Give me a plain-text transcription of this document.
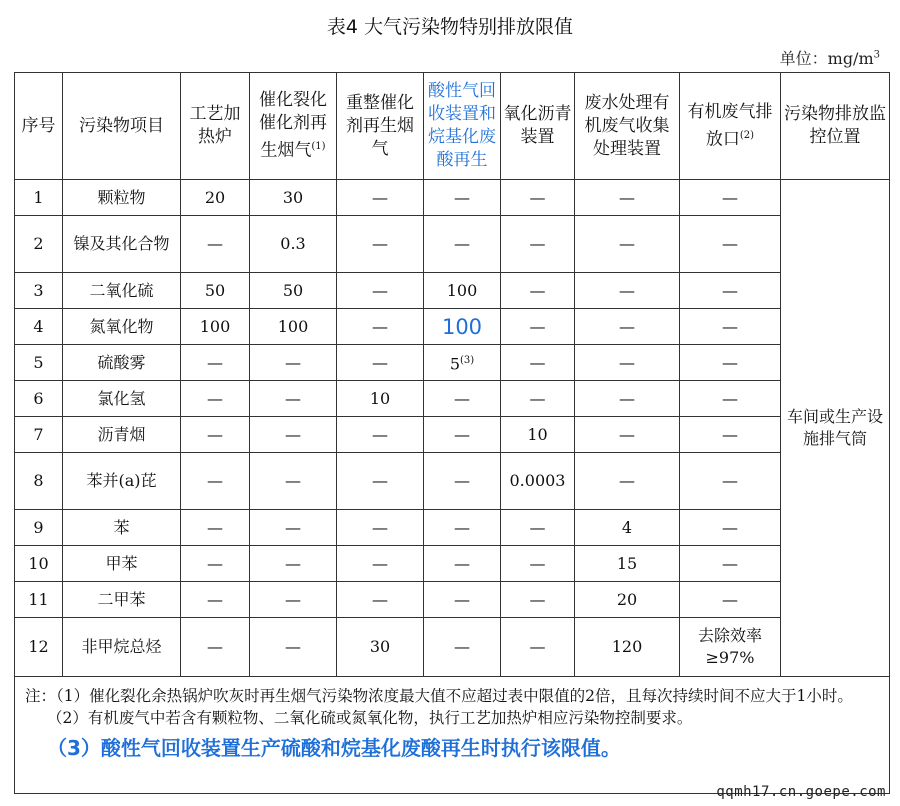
表4 大气污染物特别排放限值
单位：$mg/m^3$
序号	污染物项目	工艺加热炉	催化裂化催化剂再生烟气$^{(1)}$	重整催化剂再生烟气	酸性气回收装置和烷基化废酸再生	氧化沥青装置	废水处理有机废气收集处理装置	有机废气排放口$^{(2)}$	污染物排放监控位置
1	颗粒物	20	30	—	—	—	—	—	车间或生产设施排气筒
2	镍及其化合物	—	0.3	—	—	—	—	—	
3	二氧化硫	50	50	—	100	—	—	—	
4	氮氧化物	100	100	—	100	—	—	—	
5	硫酸雾	—	—	—	5$^{(3)}$	—	—	—	
6	氯化氢	—	—	10	—	—	—	—	
7	沥青烟	—	—	—	—	10	—	—	
8	苯并(a)芘	—	—	—	—	0.0003	—	—	
9	苯	—	—	—	—	—	4	—	
10	甲苯	—	—	—	—	—	15	—	
11	二甲苯	—	—	—	—	—	20	—	
12	非甲烷总烃	—	—	30	—	—	120	去除效率≥97%	

注：（1）催化裂化余热锅炉吹灰时再生烟气污染物浓度最大值不应超过表中限值的2倍，且每次持续时间不应大于1小时。
（2）有机废气中若含有颗粒物、二氧化硫或氮氧化物，执行工艺加热炉相应污染物控制要求。
（3）酸性气回收装置生产硫酸和烷基化废酸再生时执行该限值。									
qqmh17.cn.goepe.com
